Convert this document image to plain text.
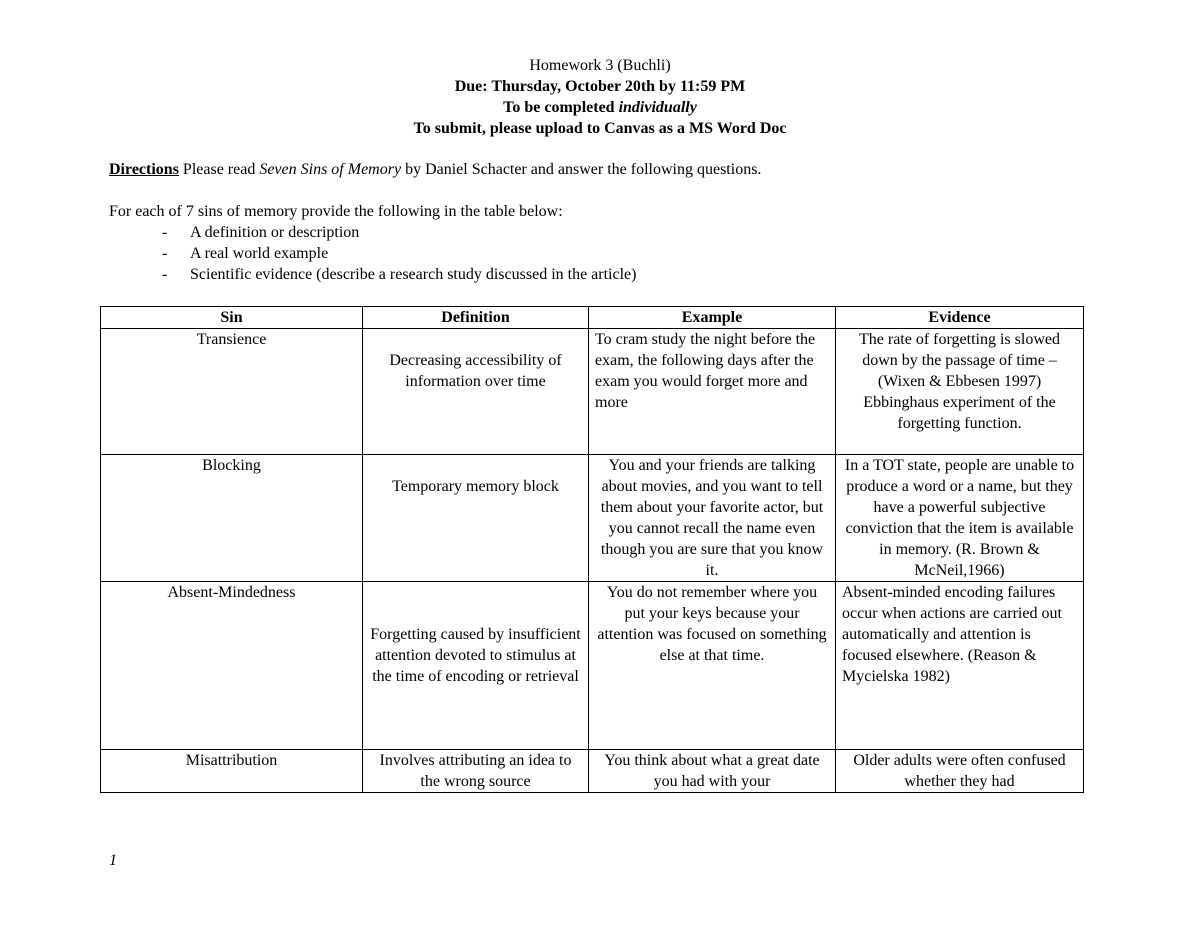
Homework 3 (Buchli)
Due: Thursday, October 20th by 11:59 PM
To be completed individually
To submit, please upload to Canvas as a MS Word Doc
Directions Please read Seven Sins of Memory by Daniel Schacter and answer the following questions.
For each of 7 sins of memory provide the following in the table below:
- A definition or description
- A real world example
- Scientific evidence (describe a research study discussed in the article)
Sin	Definition	Example	Evidence
Transience	Decreasing accessibility of information over time	To cram study the night before the exam, the following days after the exam you would forget more and more	The rate of forgetting is slowed down by the passage of time – (Wixen & Ebbesen 1997) Ebbinghaus experiment of the forgetting function.
Blocking	Temporary memory block	You and your friends are talking about movies, and you want to tell them about your favorite actor, but you cannot recall the name even though you are sure that you know it.	In a TOT state, people are unable to produce a word or a name, but they have a powerful subjective conviction that the item is available in memory. (R. Brown & McNeil,1966)
Absent-Mindedness	Forgetting caused by insufficient attention devoted to stimulus at the time of encoding or retrieval	You do not remember where you put your keys because your attention was focused on something else at that time.	Absent-minded encoding failures occur when actions are carried out automatically and attention is focused elsewhere. (Reason & Mycielska 1982)
Misattribution	Involves attributing an idea to the wrong source	You think about what a great date you had with your	Older adults were often confused whether they had
1
